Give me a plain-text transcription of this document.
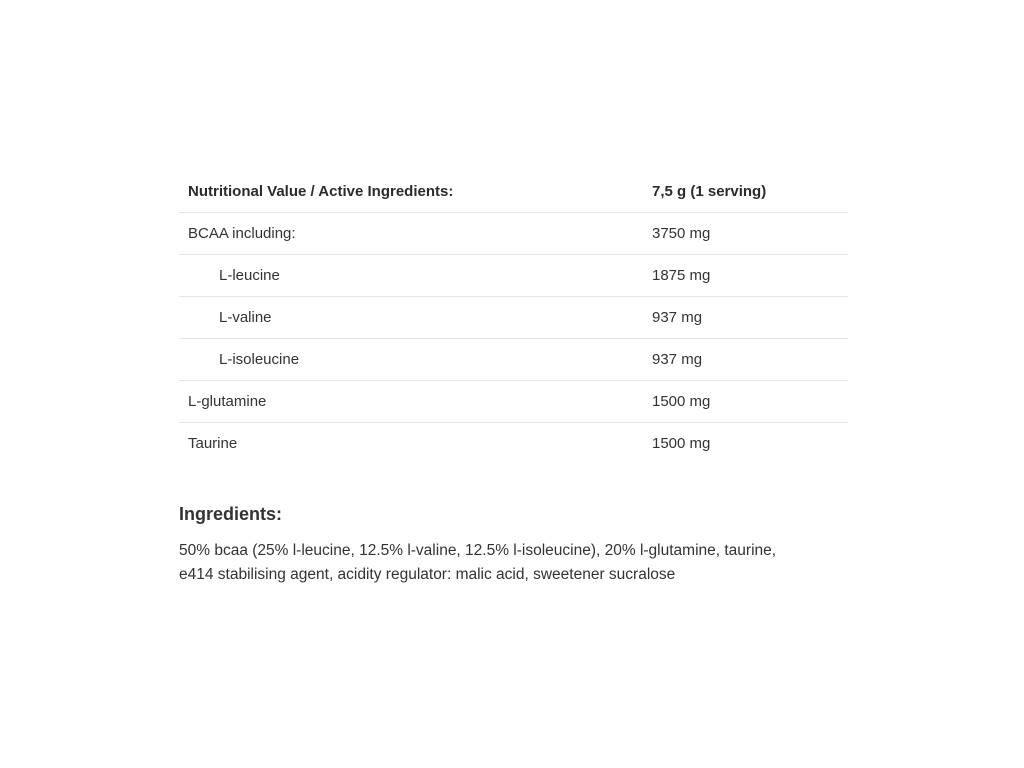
Nutritional Value / Active Ingredients:	7,5 g (1 serving)
BCAA including:	3750 mg
L-leucine	1875 mg
L-valine	937 mg
L-isoleucine	937 mg
L-glutamine	1500 mg
Taurine	1500 mg
Ingredients:
50% bcaa (25% l-leucine, 12.5% l-valine, 12.5% l-isoleucine), 20% l-glutamine, taurine,
e414 stabilising agent, acidity regulator: malic acid, sweetener sucralose
